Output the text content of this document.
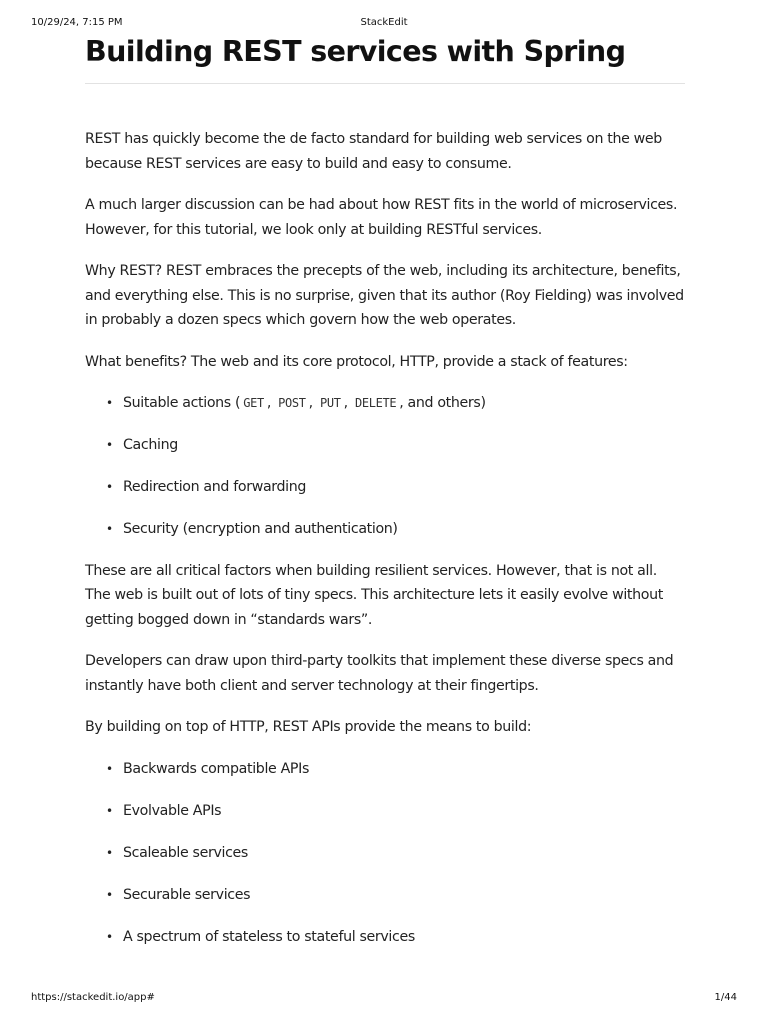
10/29/24, 7:15 PM	StackEdit
Building REST services with Spring

REST has quickly become the de facto standard for building web services on the web because REST services are easy to build and easy to consume.

A much larger discussion can be had about how REST fits in the world of microservices. However, for this tutorial, we look only at building RESTful services.

Why REST? REST embraces the precepts of the web, including its architecture, benefits, and everything else. This is no surprise, given that its author (Roy Fielding) was involved in probably a dozen specs which govern how the web operates.

What benefits? The web and its core protocol, HTTP, provide a stack of features:

• Suitable actions ( GET , POST , PUT , DELETE , and others)
• Caching
• Redirection and forwarding
• Security (encryption and authentication)

These are all critical factors when building resilient services. However, that is not all. The web is built out of lots of tiny specs. This architecture lets it easily evolve without getting bogged down in “standards wars”.

Developers can draw upon third-party toolkits that implement these diverse specs and instantly have both client and server technology at their fingertips.

By building on top of HTTP, REST APIs provide the means to build:

• Backwards compatible APIs
• Evolvable APIs
• Scaleable services
• Securable services
• A spectrum of stateless to stateful services
https://stackedit.io/app#	1/44
